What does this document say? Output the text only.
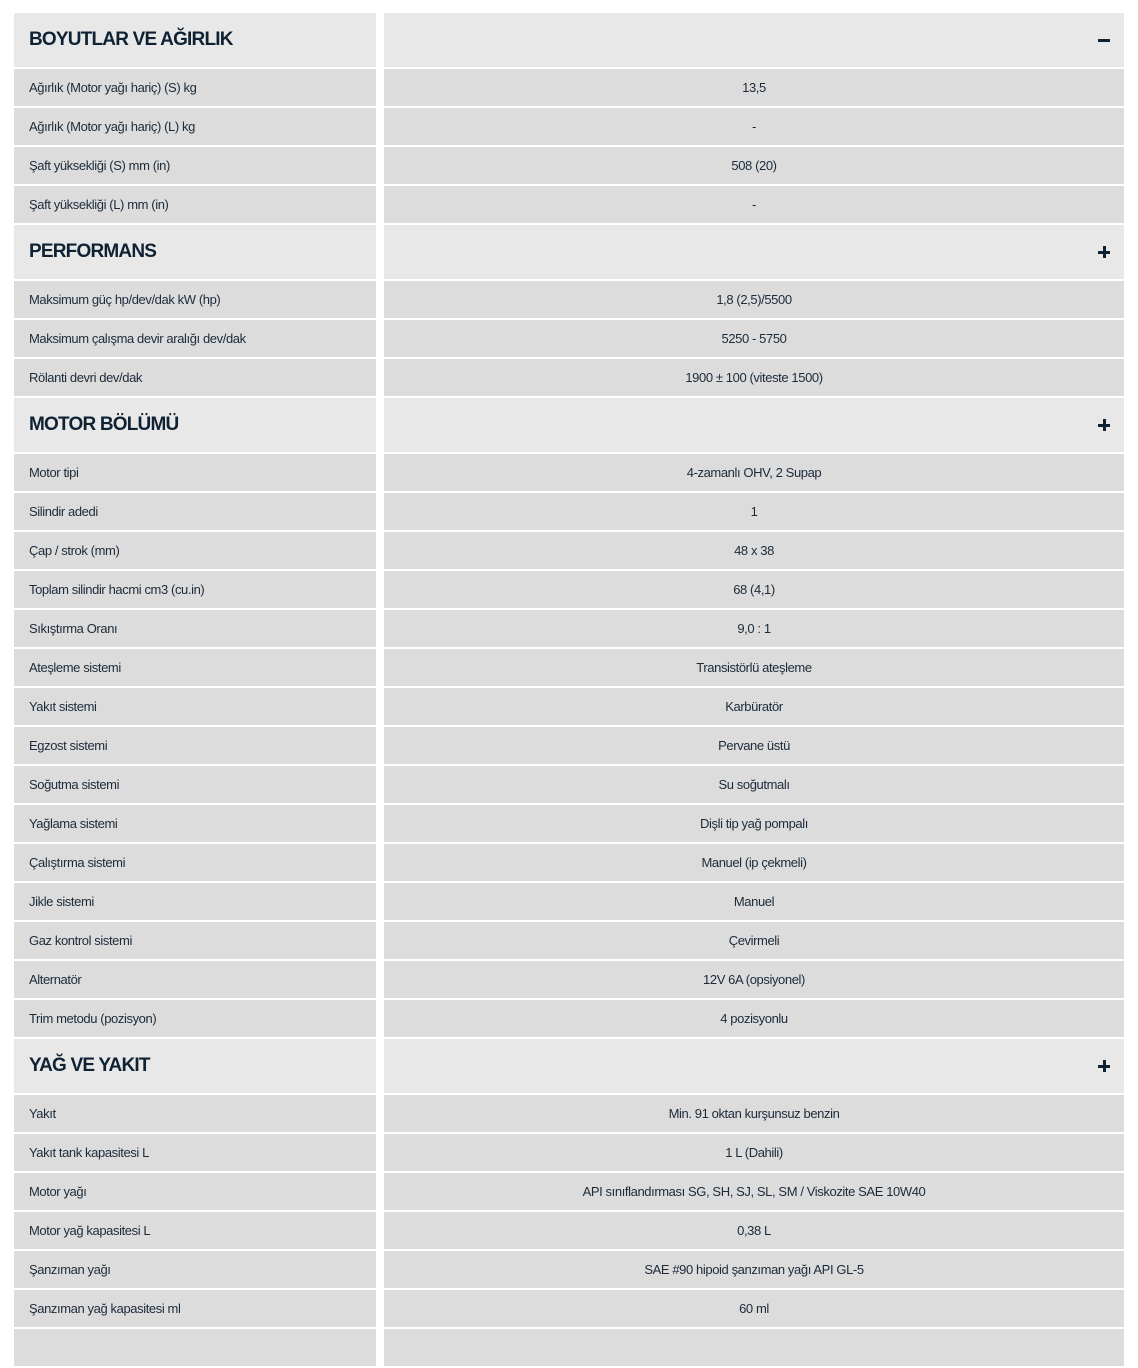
BOYUTLAR VE AĞIRLIK
Ağırlık (Motor yağı hariç) (S) kg	13,5
Ağırlık (Motor yağı hariç) (L) kg	-
Şaft yüksekliği (S) mm (in)	508 (20)
Şaft yüksekliği (L) mm (in)	-
PERFORMANS
Maksimum güç hp/dev/dak kW (hp)	1,8 (2,5)/5500
Maksimum çalışma devir aralığı dev/dak	5250 - 5750
Rölanti devri dev/dak	1900 ± 100 (viteste 1500)
MOTOR BÖLÜMÜ
Motor tipi	4-zamanlı OHV, 2 Supap
Silindir adedi	1
Çap / strok (mm)	48 x 38
Toplam silindir hacmi cm3 (cu.in)	68 (4,1)
Sıkıştırma Oranı	9,0 : 1
Ateşleme sistemi	Transistörlü ateşleme
Yakıt sistemi	Karbüratör
Egzost sistemi	Pervane üstü
Soğutma sistemi	Su soğutmalı
Yağlama sistemi	Dişli tip yağ pompalı
Çalıştırma sistemi	Manuel (ip çekmeli)
Jikle sistemi	Manuel
Gaz kontrol sistemi	Çevirmeli
Alternatör	12V 6A (opsiyonel)
Trim metodu (pozisyon)	4 pozisyonlu
YAĞ VE YAKIT
Yakıt	Min. 91 oktan kurşunsuz benzin
Yakıt tank kapasitesi L	1 L (Dahili)
Motor yağı	API sınıflandırması SG, SH, SJ, SL, SM / Viskozite SAE 10W40
Motor yağ kapasitesi L	0,38 L
Şanzıman yağı	SAE #90 hipoid şanzıman yağı API GL-5
Şanzıman yağ kapasitesi ml	60 ml
